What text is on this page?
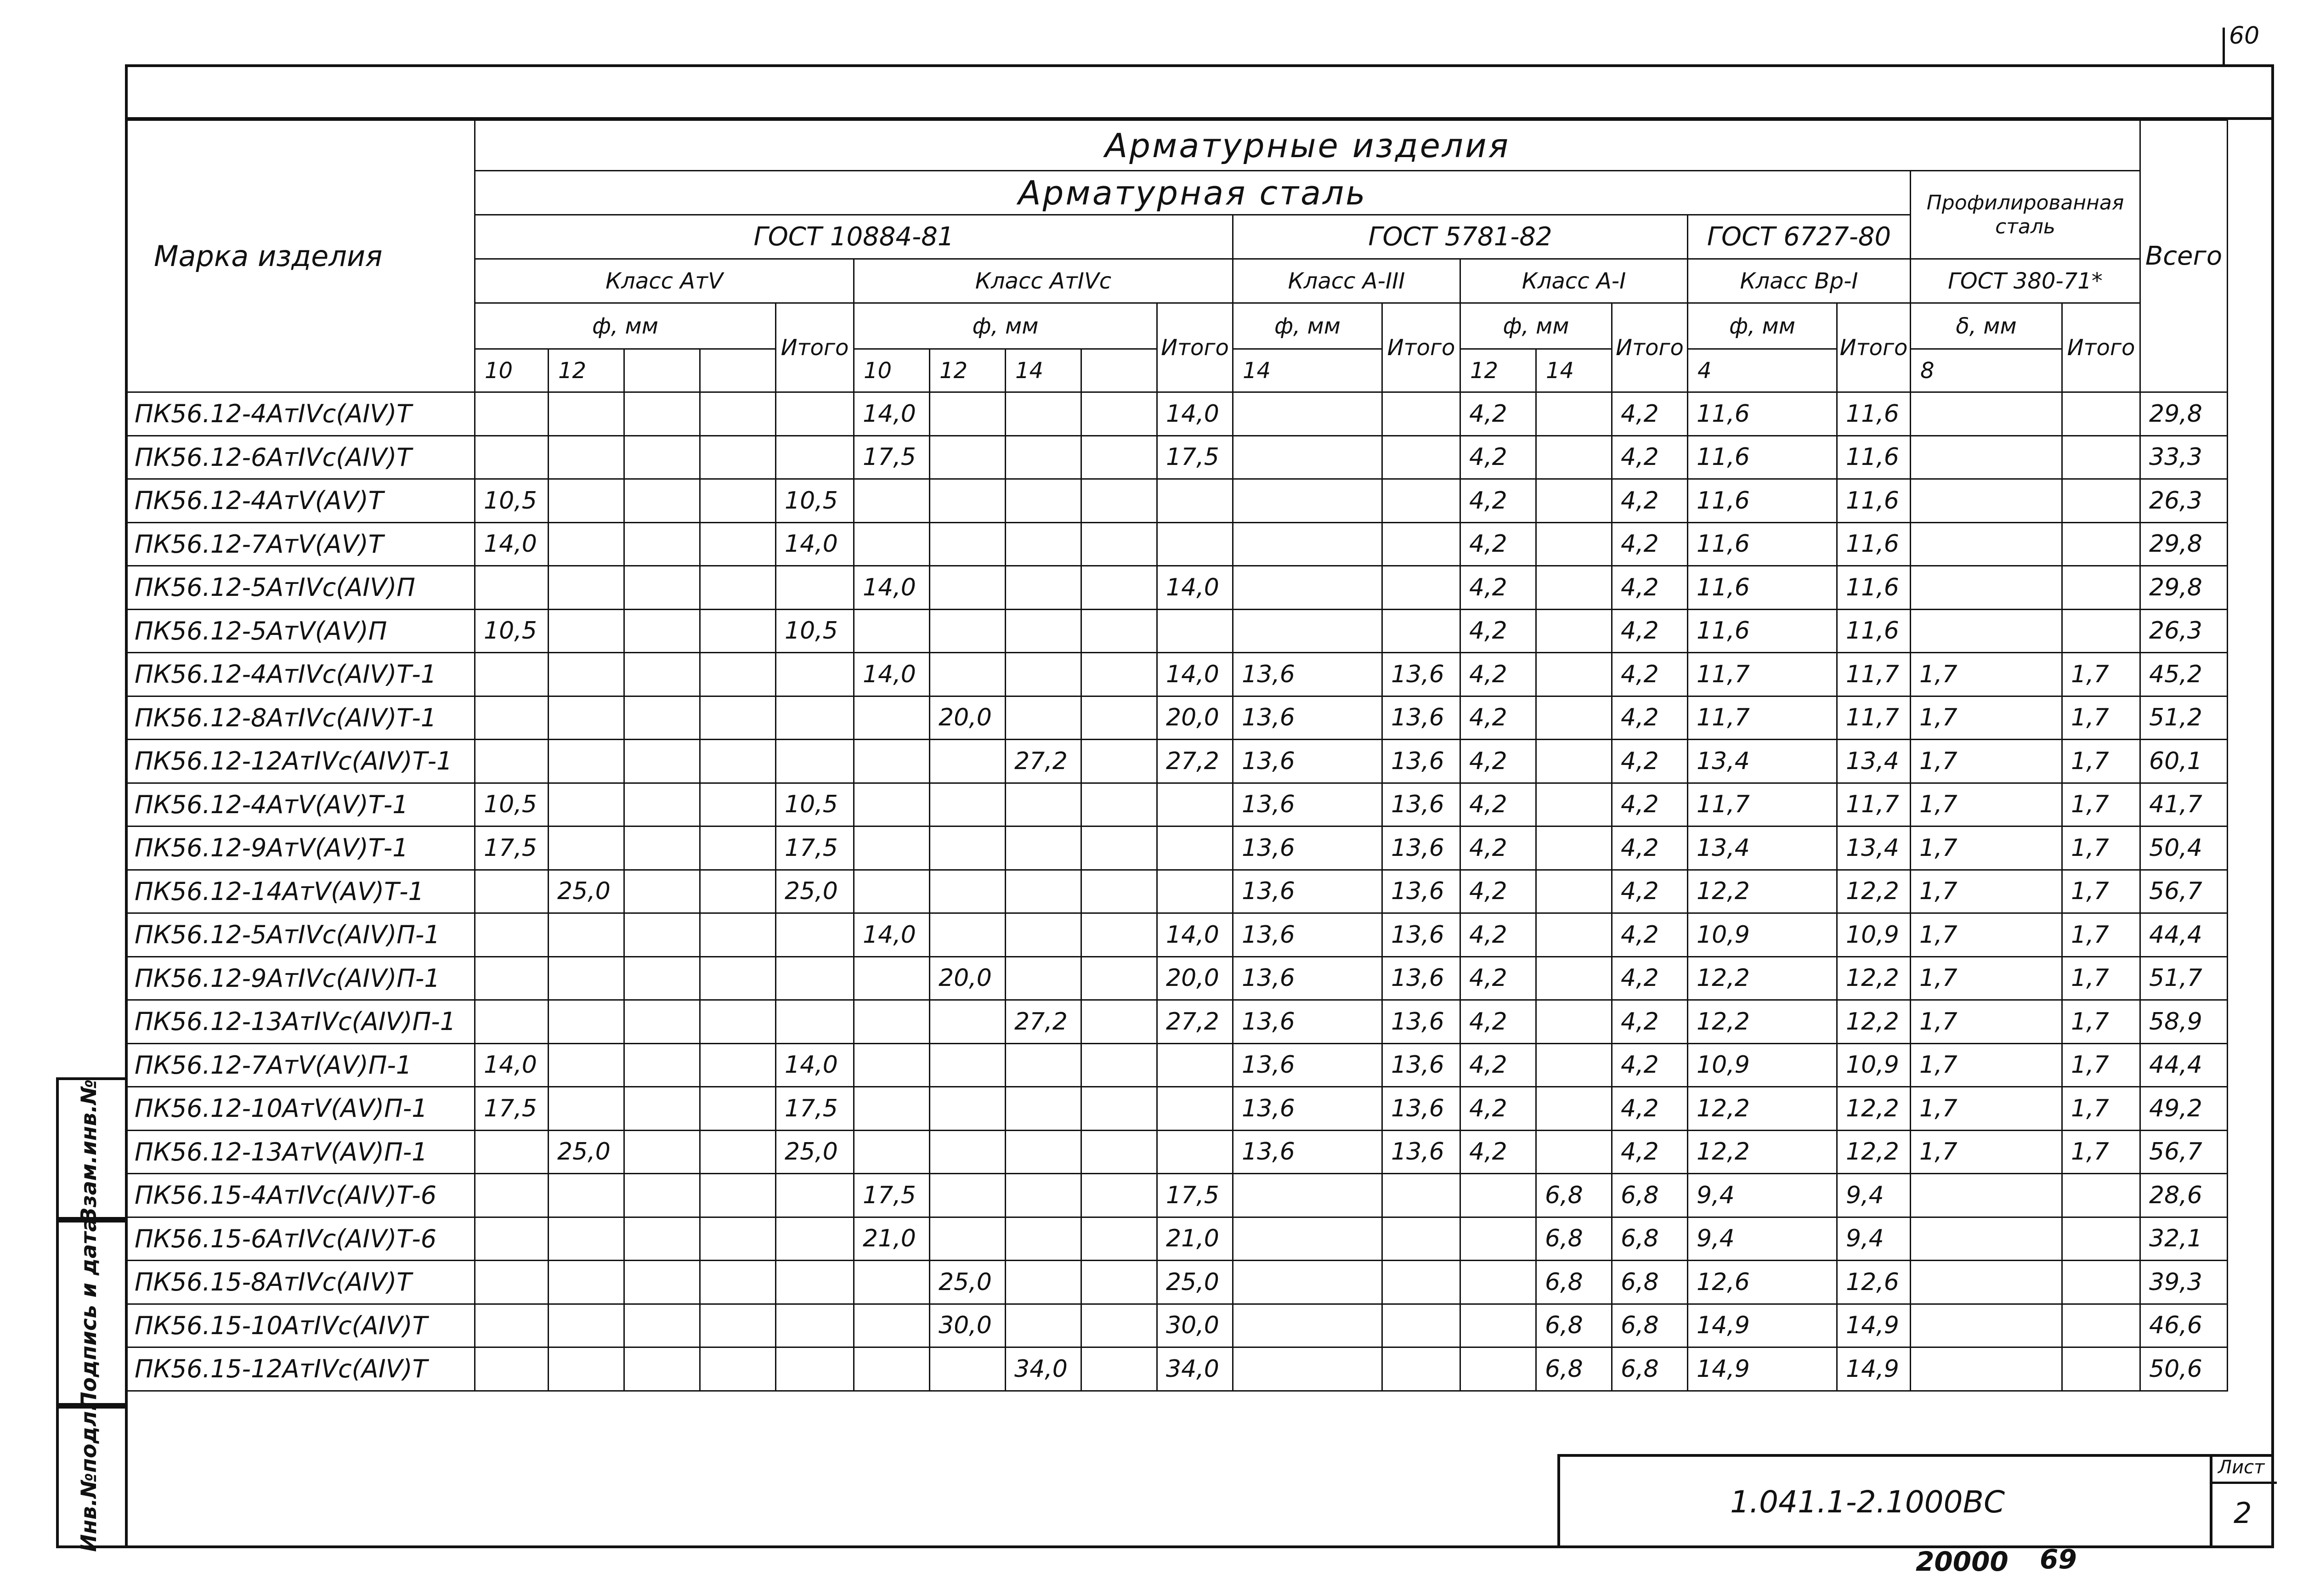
60
Марка изделия	Арматурные изделия																			Всего
	Арматурная сталь																	Профилированная сталь		
	ГОСТ 10884-81										ГОСТ 5781-82					ГОСТ 6727-80				
	Класс АтV					Класс АтIVс					Класс А-III		Класс А-I			Класс Вр-I		ГОСТ 380-71*		
	ф, мм				Итого	ф, мм				Итого	ф, мм	Итого	ф, мм		Итого	ф, мм	Итого	δ, мм	Итого	
	10	12				10	12	14			14		12	14		4		8		
ПК56.12-4АтIVс(АIV)Т						14,0				14,0			4,2		4,2	11,6	11,6			29,8
ПК56.12-6АтIVс(АIV)Т						17,5				17,5			4,2		4,2	11,6	11,6			33,3
ПК56.12-4АтV(АV)Т	10,5				10,5								4,2		4,2	11,6	11,6			26,3
ПК56.12-7АтV(АV)Т	14,0				14,0								4,2		4,2	11,6	11,6			29,8
ПК56.12-5АтIVс(АIV)П						14,0				14,0			4,2		4,2	11,6	11,6			29,8
ПК56.12-5АтV(АV)П	10,5				10,5								4,2		4,2	11,6	11,6			26,3
ПК56.12-4АтIVс(АIV)Т-1						14,0				14,0	13,6	13,6	4,2		4,2	11,7	11,7	1,7	1,7	45,2
ПК56.12-8АтIVс(АIV)Т-1							20,0			20,0	13,6	13,6	4,2		4,2	11,7	11,7	1,7	1,7	51,2
ПК56.12-12АтIVс(АIV)Т-1								27,2		27,2	13,6	13,6	4,2		4,2	13,4	13,4	1,7	1,7	60,1
ПК56.12-4АтV(АV)Т-1	10,5				10,5						13,6	13,6	4,2		4,2	11,7	11,7	1,7	1,7	41,7
ПК56.12-9АтV(АV)Т-1	17,5				17,5						13,6	13,6	4,2		4,2	13,4	13,4	1,7	1,7	50,4
ПК56.12-14АтV(АV)Т-1		25,0			25,0						13,6	13,6	4,2		4,2	12,2	12,2	1,7	1,7	56,7
ПК56.12-5АтIVс(АIV)П-1						14,0				14,0	13,6	13,6	4,2		4,2	10,9	10,9	1,7	1,7	44,4
ПК56.12-9АтIVс(АIV)П-1							20,0			20,0	13,6	13,6	4,2		4,2	12,2	12,2	1,7	1,7	51,7
ПК56.12-13АтIVс(АIV)П-1								27,2		27,2	13,6	13,6	4,2		4,2	12,2	12,2	1,7	1,7	58,9
ПК56.12-7АтV(АV)П-1	14,0				14,0						13,6	13,6	4,2		4,2	10,9	10,9	1,7	1,7	44,4
ПК56.12-10АтV(АV)П-1	17,5				17,5						13,6	13,6	4,2		4,2	12,2	12,2	1,7	1,7	49,2
ПК56.12-13АтV(АV)П-1		25,0			25,0						13,6	13,6	4,2		4,2	12,2	12,2	1,7	1,7	56,7
ПК56.15-4АтIVс(АIV)Т-6						17,5				17,5				6,8	6,8	9,4	9,4			28,6
ПК56.15-6АтIVс(АIV)Т-6						21,0				21,0				6,8	6,8	9,4	9,4			32,1
ПК56.15-8АтIVс(АIV)Т							25,0			25,0				6,8	6,8	12,6	12,6			39,3
ПК56.15-10АтIVс(АIV)Т							30,0			30,0				6,8	6,8	14,9	14,9			46,6
ПК56.15-12АтIVс(АIV)Т								34,0		34,0				6,8	6,8	14,9	14,9			50,6
Взам.инв.№
Подпись и дата
Инв.№подл.	1.041.1-2.1000ВС
Лист
2
20000 69
